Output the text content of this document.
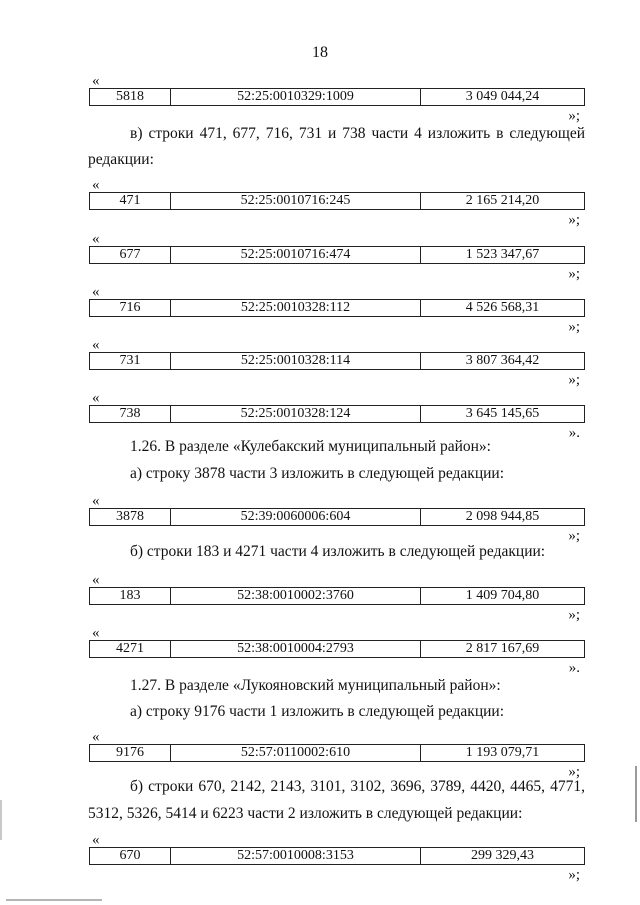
18
«
5818	52:25:0010329:1009	3 049 044,24
»;
в) строки 471, 677, 716, 731 и 738 части 4 изложить в следующей
редакции:
«
471	52:25:0010716:245	2 165 214,20
»;
«
677	52:25:0010716:474	1 523 347,67
»;
«
716	52:25:0010328:112	4 526 568,31
»;
«
731	52:25:0010328:114	3 807 364,42
»;
«
738	52:25:0010328:124	3 645 145,65
».
1.26. В разделе «Кулебакский муниципальный район»:
а) строку 3878 части 3 изложить в следующей редакции:
«
3878	52:39:0060006:604	2 098 944,85
»;
б) строки 183 и 4271 части 4 изложить в следующей редакции:
«
183	52:38:0010002:3760	1 409 704,80
»;
«
4271	52:38:0010004:2793	2 817 167,69
».
1.27. В разделе «Лукояновский муниципальный район»:
а) строку 9176 части 1 изложить в следующей редакции:
«
9176	52:57:0110002:610	1 193 079,71
»;
б) строки 670, 2142, 2143, 3101, 3102, 3696, 3789, 4420, 4465, 4771,
5312, 5326, 5414 и 6223 части 2 изложить в следующей редакции:
«
670	52:57:0010008:3153	299 329,43
»;
